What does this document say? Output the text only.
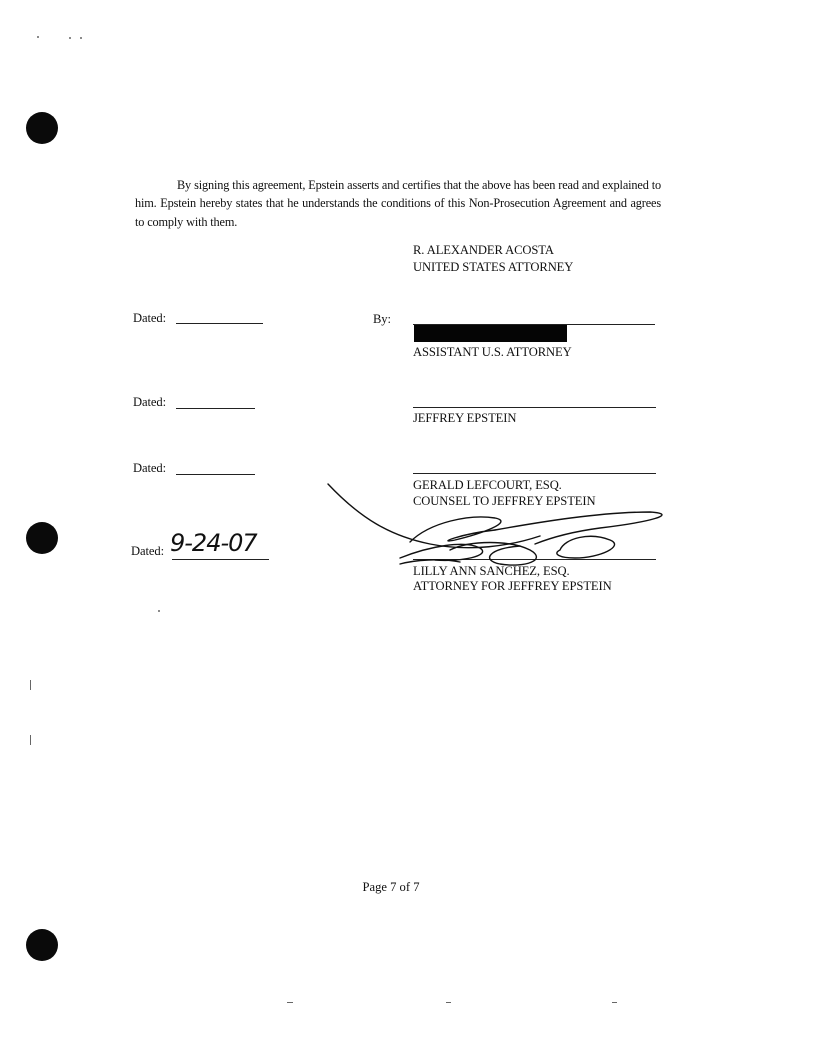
By signing this agreement, Epstein asserts and certifies that the above has been read and explained to him. Epstein hereby states that he understands the conditions of this Non-Prosecution Agreement and agrees to comply with them.
R. ALEXANDER ACOSTA
UNITED STATES ATTORNEY
Dated:	By:
ASSISTANT U.S. ATTORNEY
Dated:
JEFFREY EPSTEIN
Dated:
GERALD LEFCOURT, ESQ.
COUNSEL TO JEFFREY EPSTEIN
Dated: 9-24-07
LILLY ANN SANCHEZ, ESQ.
ATTORNEY FOR JEFFREY EPSTEIN
Page 7 of 7
